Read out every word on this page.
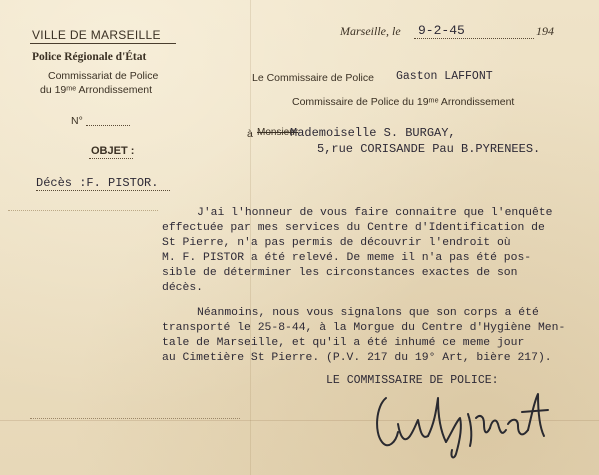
VILLE DE MARSEILLE
Police Régionale d'État
Commissariat de Police
du 19ᵐᵉ Arrondissement
N°
OBJET :
Marseille, le 9-2-45	194
Le Commissaire de Police Gaston LAFFONT
Commissaire de Police du 19ᵐᵉ Arrondissement
à Monsieur
Mademoiselle S. BURGAY,
5,rue CORISANDE Pau B.PYRENEES.
Décès :F. PISTOR.
J'ai l'honneur de vous faire connaitre que l'enquête
effectuée par mes services du Centre d'Identification de
St Pierre, n'a pas permis de découvrir l'endroit où
M. F. PISTOR a été relevé. De meme il n'a pas été pos-
sible de déterminer les circonstances exactes de son
décès.
Néanmoins, nous vous signalons que son corps a été
transporté le 25-8-44, à la Morgue du Centre d'Hygiène Men-
tale de Marseille, et qu'il a été inhumé ce meme jour
au Cimetière St Pierre. (P.V. 217 du 19° Art, bière 217).
LE COMMISSAIRE DE POLICE:
